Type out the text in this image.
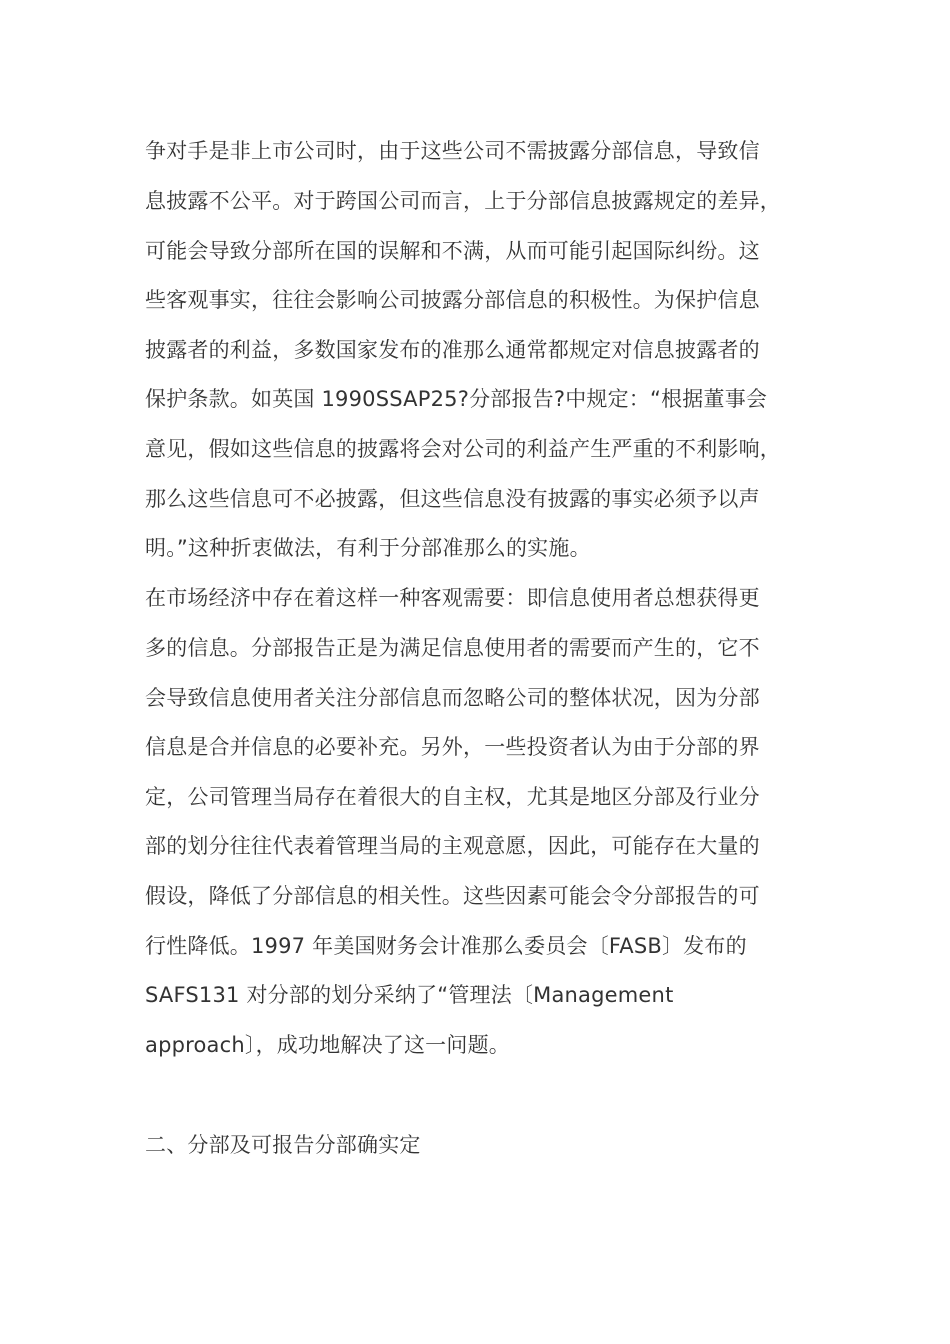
争对手是非上市公司时，由于这些公司不需披露分部信息，导致信
息披露不公平。对于跨国公司而言，上于分部信息披露规定的差异，
可能会导致分部所在国的误解和不满，从而可能引起国际纠纷。这
些客观事实，往往会影响公司披露分部信息的积极性。为保护信息
披露者的利益，多数国家发布的准那么通常都规定对信息披露者的
保护条款。如英国 1990SSAP25?分部报告?中规定：“根据董事会
意见，假如这些信息的披露将会对公司的利益产生严重的不利影响，
那么这些信息可不必披露，但这些信息没有披露的事实必须予以声
明。”这种折衷做法，有利于分部准那么的实施。
在市场经济中存在着这样一种客观需要：即信息使用者总想获得更
多的信息。分部报告正是为满足信息使用者的需要而产生的，它不
会导致信息使用者关注分部信息而忽略公司的整体状况，因为分部
信息是合并信息的必要补充。另外，一些投资者认为由于分部的界
定，公司管理当局存在着很大的自主权，尤其是地区分部及行业分
部的划分往往代表着管理当局的主观意愿，因此，可能存在大量的
假设，降低了分部信息的相关性。这些因素可能会令分部报告的可
行性降低。1997 年美国财务会计准那么委员会〔FASB〕发布的
SAFS131 对分部的划分采纳了“管理法〔Management
approach〕，成功地解决了这一问题。
二、分部及可报告分部确实定
